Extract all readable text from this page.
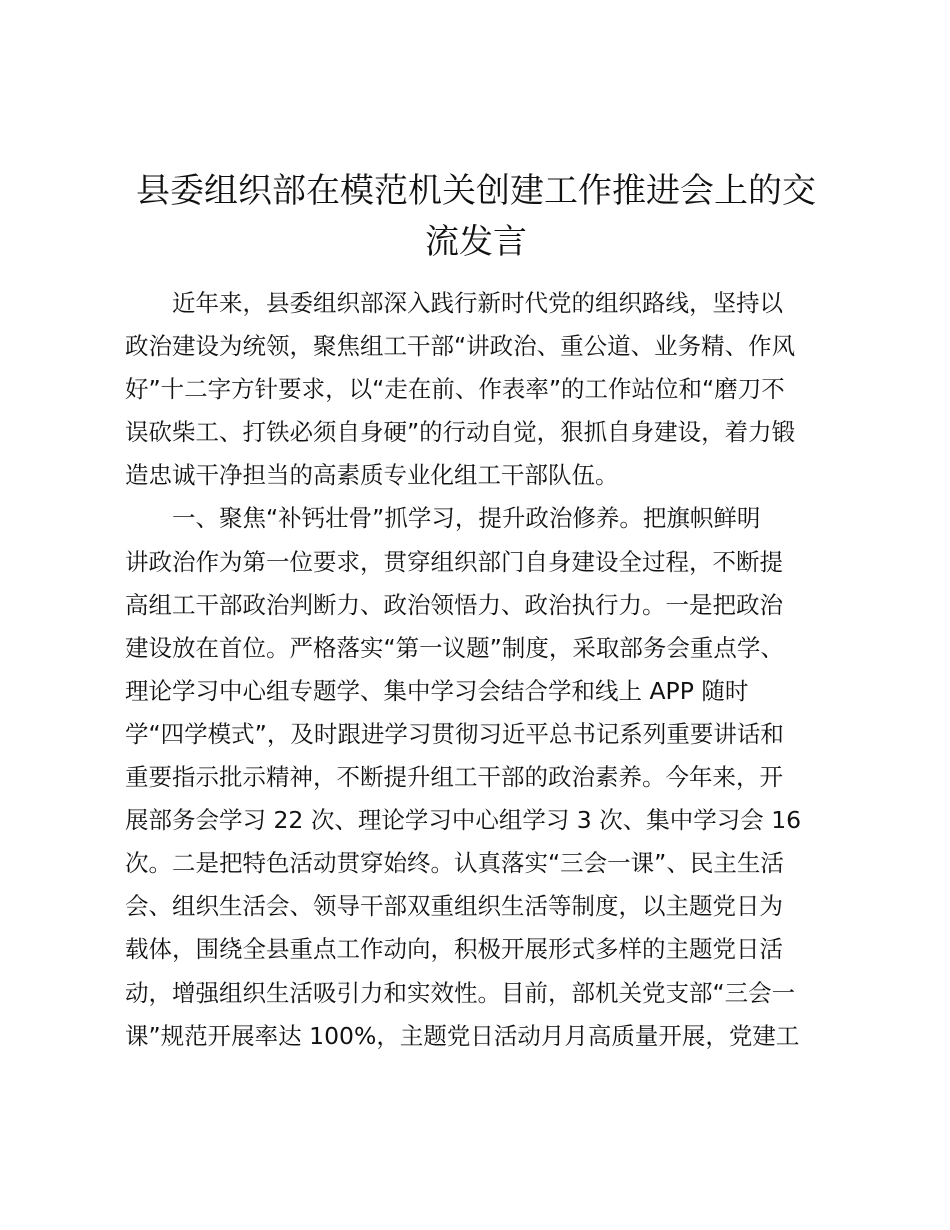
县委组织部在模范机关创建工作推进会上的交
流发言
近年来，县委组织部深入践行新时代党的组织路线，坚持以
政治建设为统领，聚焦组工干部“讲政治、重公道、业务精、作风
好”十二字方针要求，以“走在前、作表率”的工作站位和“磨刀不
误砍柴工、打铁必须自身硬”的行动自觉，狠抓自身建设，着力锻
造忠诚干净担当的高素质专业化组工干部队伍。
一、聚焦“补钙壮骨”抓学习，提升政治修养。把旗帜鲜明
讲政治作为第一位要求，贯穿组织部门自身建设全过程，不断提
高组工干部政治判断力、政治领悟力、政治执行力。一是把政治
建设放在首位。严格落实“第一议题”制度，采取部务会重点学、
理论学习中心组专题学、集中学习会结合学和线上 APP 随时
学“四学模式”，及时跟进学习贯彻习近平总书记系列重要讲话和
重要指示批示精神，不断提升组工干部的政治素养。今年来，开
展部务会学习 22 次、理论学习中心组学习 3 次、集中学习会 16
次。二是把特色活动贯穿始终。认真落实“三会一课”、民主生活
会、组织生活会、领导干部双重组织生活等制度，以主题党日为
载体，围绕全县重点工作动向，积极开展形式多样的主题党日活
动，增强组织生活吸引力和实效性。目前，部机关党支部“三会一
课”规范开展率达 100%，主题党日活动月月高质量开展，党建工
